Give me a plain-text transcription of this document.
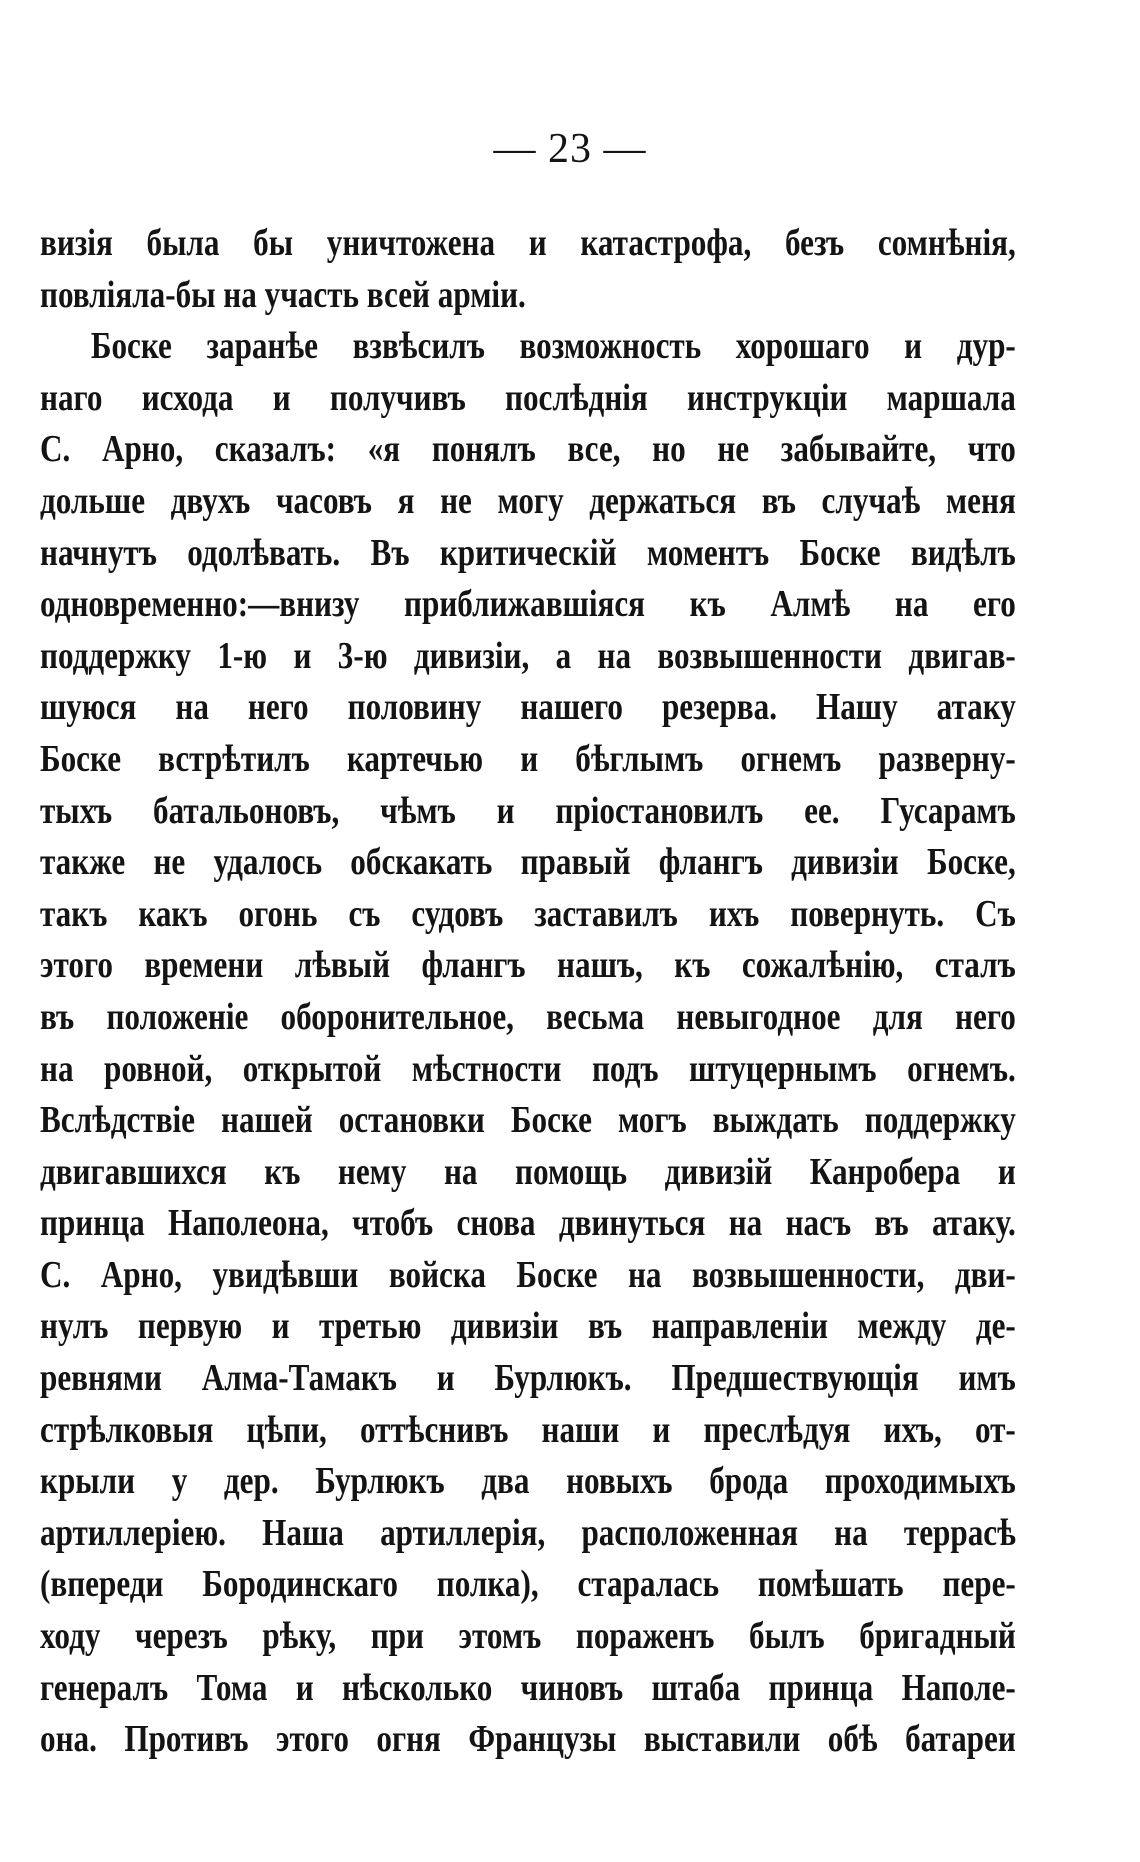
— 23 —
визія была бы уничтожена и катастрофа, безъ сомнѣнія,
повліяла-бы на участь всей арміи.
Боске заранѣе взвѣсилъ возможность хорошаго и дур-
наго исхода и получивъ послѣднія инструкціи маршала
С. Арно, сказалъ: «я понялъ все, но не забывайте, что
дольше двухъ часовъ я не могу держаться въ случаѣ меня
начнутъ одолѣвать. Въ критическій моментъ Боске видѣлъ
одновременно:—внизу приближавшіяся къ Алмѣ на его
поддержку 1-ю и 3-ю дивизіи, а на возвышенности двигав-
шуюся на него половину нашего резерва. Нашу атаку
Боске встрѣтилъ картечью и бѣглымъ огнемъ разверну-
тыхъ батальоновъ, чѣмъ и пріостановилъ ее. Гусарамъ
также не удалось обскакать правый флангъ дивизіи Боске,
такъ какъ огонь съ судовъ заставилъ ихъ повернуть. Съ
этого времени лѣвый флангъ нашъ, къ сожалѣнію, сталъ
въ положеніе оборонительное, весьма невыгодное для него
на ровной, открытой мѣстности подъ штуцернымъ огнемъ.
Вслѣдствіе нашей остановки Боске могъ выждать поддержку
двигавшихся къ нему на помощь дивизій Канробера и
принца Наполеона, чтобъ снова двинуться на насъ въ атаку.
С. Арно, увидѣвши войска Боске на возвышенности, дви-
нулъ первую и третью дивизіи въ направленіи между де-
ревнями Алма-Тамакъ и Бурлюкъ. Предшествующія имъ
стрѣлковыя цѣпи, оттѣснивъ наши и преслѣдуя ихъ, от-
крыли у дер. Бурлюкъ два новыхъ брода проходимыхъ
артиллеріею. Наша артиллерія, расположенная на террасѣ
(впереди Бородинскаго полка), старалась помѣшать пере-
ходу черезъ рѣку, при этомъ пораженъ былъ бригадный
генералъ Тома и нѣсколько чиновъ штаба принца Наполе-
она. Противъ этого огня Французы выставили обѣ батареи
